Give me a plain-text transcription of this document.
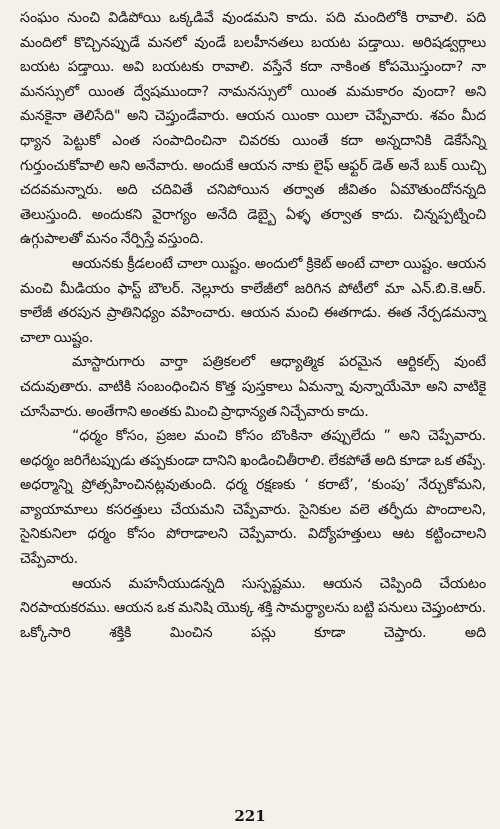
సంఘం నుంచి విడిపోయి ఒక్కడివే వుండమని కాదు. పది మందిలోకి రావాలి. పది మందిలో కొచ్చినప్పుడే మనలో వుండే బలహీనతలు బయట పడ్తాయి. అరిషడ్వర్గాలు బయట పడ్తాయి. అవి బయటకు రావాలి. వస్తేనే కదా నాకింత కోపమొస్తుందా? నా మనస్సులో యింత ద్వేషముందా? నామనస్సులో యింత మమకారం వుందా? అని మనకైనా తెలిసేది" అని చెప్తుండేవారు. ఆయన యింకా యిలా చెప్పేవారు. శవం మీద ధ్యాన పెట్టుకో ఎంత సంపాదించినా చివరకు యింతే కదా అన్నదానికి డెకేసేన్ని గుర్తుంచుకోవాలి అని అనేవారు. అందుకే ఆయన నాకు లైఫ్ ఆఫ్టర్ డెత్ అనే బుక్ యిచ్చి చదవమన్నారు. అది చదివితే చనిపోయిన తర్వాత జీవితం ఏమౌతుందోనన్నది తెలుస్తుంది. అందుకని వైరాగ్యం అనేది డెబ్బై ఏళ్ళ తర్వాత కాదు. చిన్నప్పట్నించి ఉగ్గుపాలతో మనం నేర్పిస్తే వస్తుంది.

ఆయనకు క్రీడలంటే చాలా యిష్టం. అందులో క్రికెట్ అంటే చాలా యిష్టం. ఆయన మంచి మీడియం ఫాస్ట్ బౌలర్. నెల్లూరు కాలేజీలో జరిగిన పోటీలో మా ఎన్.బి.కె.ఆర్. కాలేజీ తరపున ప్రాతినిధ్యం వహించారు. ఆయన మంచి ఈతగాడు. ఈత నేర్పడమన్నా చాలా యిష్టం.

మాస్టారుగారు వార్తా పత్రికలలో ఆధ్యాత్మిక పరమైన ఆర్టికల్స్ వుంటే చదువుతారు. వాటికి సంబంధించిన కొత్త పుస్తకాలు ఏమన్నా వున్నాయేమో అని వాటికై చూసేవారు. అంతేగాని అంతకు మించి ప్రాధాన్యత నిచ్చేవారు కాదు.

“ధర్మం కోసం, ప్రజల మంచి కోసం బొంకినా తప్పులేదు ” అని చెప్పేవారు. అధర్మం జరిగేటప్పుడు తప్పకుండా దానిని ఖండించితీరాలి. లేకపోతే అది కూడా ఒక తప్పే. అధర్మాన్ని ప్రోత్సహించినట్లవుతుంది. ధర్మ రక్షణకు ‘ కరాటే’, ‘కుంపు’ నేర్చుకోమని, వ్యాయామాలు కసరత్తులు చేయమని చెప్పేవారు. సైనికుల వలె తర్ఫీదు పొందాలని, సైనికునిలా ధర్మం కోసం పోరాడాలని చెప్పేవారు. విద్యోహత్తులు ఆట కట్టించాలని చెప్పేవారు.

ఆయన మహనీయుడన్నది సుస్పష్టము. ఆయన చెప్పింది చేయటం నిరపాయకరము. ఆయన ఒక మనిషి యొక్క శక్తి సామర్థ్యాలను బట్టి పనులు చెప్తుంటారు. ఒక్కోసారి శక్తికి మించిన పన్లు కూడా చెప్తారు. అది

221
